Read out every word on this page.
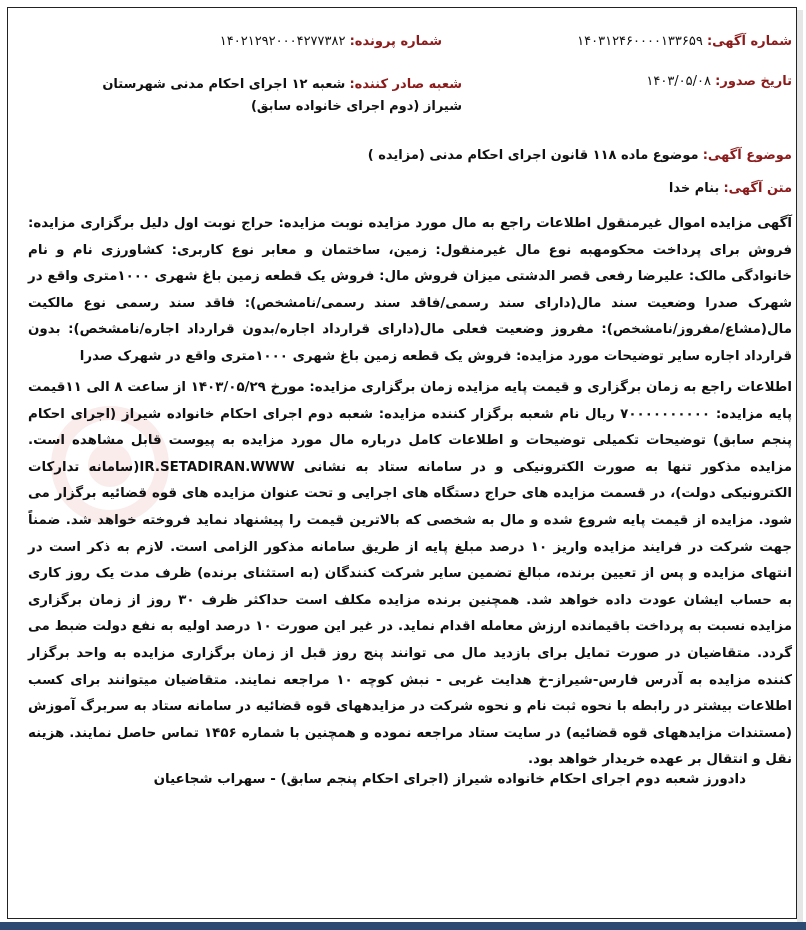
شماره آگهی: ۱۴۰۳۱۲۴۶۰۰۰۰۱۳۳۶۵۹
شماره پرونده: ۱۴۰۲۱۲۹۲۰۰۰۴۲۷۷۳۸۲
تاریخ صدور: ۱۴۰۳/۰۵/۰۸
شعبه صادر کننده: شعبه ۱۲ اجرای احکام مدنی شهرستان شیراز (دوم اجرای خانواده سابق)
موضوع آگهی: موضوع ماده ۱۱۸ قانون اجرای احکام مدنی (مزایده )
متن آگهی: بنام خدا
آگهی مزایده اموال غیرمنقول اطلاعات راجع به مال مورد مزایده نوبت مزایده: حراج نوبت اول دلیل برگزاری مزایده: فروش برای پرداخت محکومهبه نوع مال غیرمنقول: زمین، ساختمان و معابر نوع کاربری: کشاورزی نام و نام خانوادگی مالک: علیرضا رفعی قصر الدشتی میزان فروش مال: فروش یک قطعه زمین باغ شهری ۱۰۰۰متری واقع در شهرک صدرا وضعیت سند مال(دارای سند رسمی/فاقد سند رسمی/نامشخص): فاقد سند رسمی نوع مالکیت مال(مشاع/مفروز/نامشخص): مفروز وضعیت فعلی مال(دارای قرارداد اجاره/بدون قرارداد اجاره/نامشخص): بدون قرارداد اجاره سایر توضیحات مورد مزایده: فروش یک قطعه زمین باغ شهری ۱۰۰۰متری واقع در شهرک صدرا
اطلاعات راجع به زمان برگزاری و قیمت پایه مزایده زمان برگزاری مزایده: مورخ ۱۴۰۳/۰۵/۲۹ از ساعت ۸ الی ۱۱قیمت پایه مزایده: ۷۰۰۰۰۰۰۰۰۰۰ ریال نام شعبه برگزار کننده مزایده: شعبه دوم اجرای احکام خانواده شیراز (اجرای احکام پنجم سابق) توضیحات تکمیلی توضیحات و اطلاعات کامل درباره مال مورد مزایده به پیوست قابل مشاهده است. مزایده مذکور تنها به صورت الکترونیکی و در سامانه ستاد به نشانی IR.SETADIRAN.WWW(سامانه تدارکات الکترونیکی دولت)، در قسمت مزایده های حراج دستگاه های اجرایی و تحت عنوان مزایده های قوه قضائیه برگزار می شود. مزایده از قیمت پایه شروع شده و مال به شخصی که بالاترین قیمت را پیشنهاد نماید فروخته خواهد شد. ضمناً جهت شرکت در فرایند مزایده واریز ۱۰ درصد مبلغ پایه از طریق سامانه مذکور الزامی است. لازم به ذکر است در انتهای مزایده و پس از تعیین برنده، مبالغ تضمین سایر شرکت کنندگان (به استثنای برنده) ظرف مدت یک روز کاری به حساب ایشان عودت داده خواهد شد. همچنین برنده مزایده مکلف است حداکثر ظرف ۳۰ روز از زمان برگزاری مزایده نسبت به پرداخت باقیمانده ارزش معامله اقدام نماید. در غیر این صورت ۱۰ درصد اولیه به نفع دولت ضبط می گردد. متقاضیان در صورت تمایل برای بازدید مال می توانند پنج روز قبل از زمان برگزاری مزایده به واحد برگزار کننده مزایده به آدرس فارس-شیراز-خ هدایت غربی - نبش کوچه ۱۰ مراجعه نمایند. متقاضیان میتوانند برای کسب اطلاعات بیشتر در رابطه با نحوه ثبت نام و نحوه شرکت در مزایدههای قوه قضائیه در سامانه ستاد به سربرگ آموزش (مستندات مزایدههای قوه قضائیه) در سایت ستاد مراجعه نموده و همچنین با شماره ۱۴۵۶ تماس حاصل نمایند. هزینه نقل و انتقال بر عهده خریدار خواهد بود.
دادورز شعبه دوم اجرای احکام خانواده شیراز (اجرای احکام پنجم سابق) - سهراب شجاعیان
